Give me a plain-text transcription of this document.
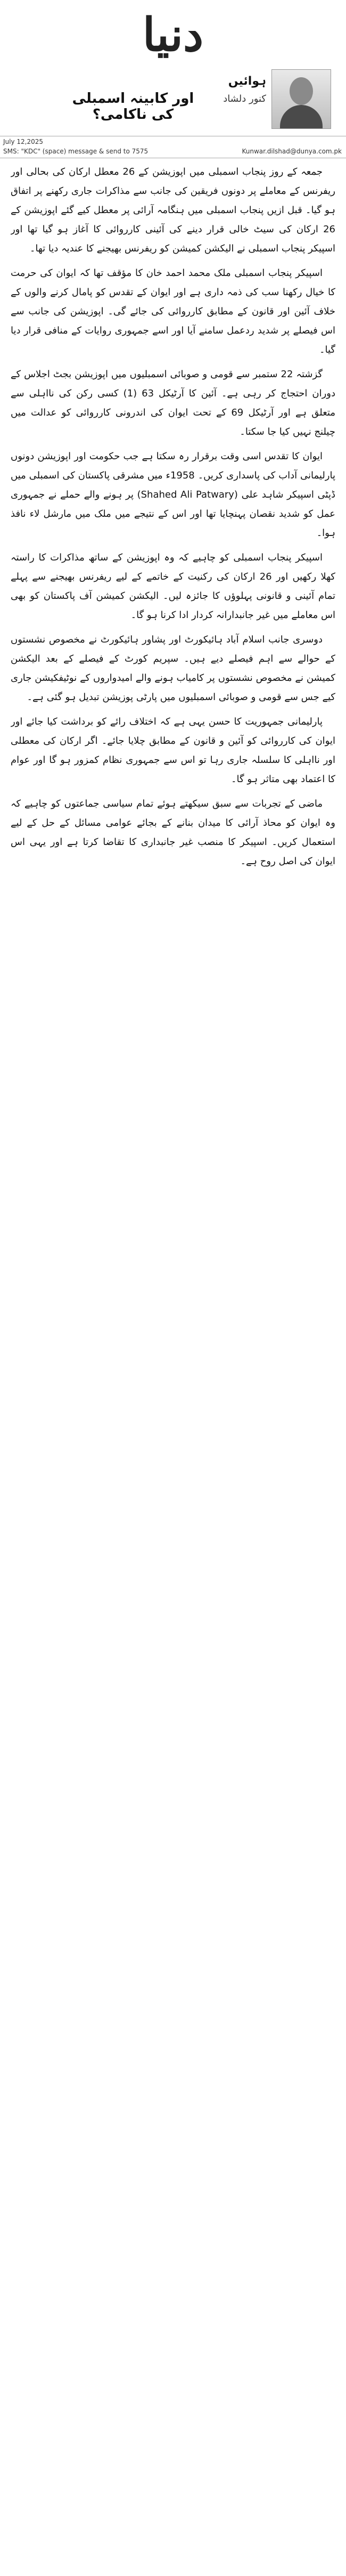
دنیا
ہوائیں
کنور دلشاد
اور کابینہ اسمبلی کی ناکامی؟
July 12,2025
SMS: "KDC" (space) message & send to 7575	Kunwar.dilshad@dunya.com.pk

جمعہ کے روز پنجاب اسمبلی میں اپوزیشن کے 26 معطل ارکان کی بحالی اور ریفرنس کے معاملے پر دونوں فریقین کی جانب سے مذاکرات جاری رکھنے پر اتفاق ہو گیا۔ قبل ازیں پنجاب اسمبلی میں ہنگامہ آرائی پر معطل کیے گئے اپوزیشن کے 26 ارکان کی سیٹ خالی قرار دینے کی آئینی کارروائی کا آغاز ہو گیا تھا اور اسپیکر پنجاب اسمبلی نے الیکشن کمیشن کو ریفرنس بھیجنے کا عندیہ دیا تھا۔

اسپیکر پنجاب اسمبلی ملک محمد احمد خان کا مؤقف تھا کہ ایوان کی حرمت کا خیال رکھنا سب کی ذمہ داری ہے اور ایوان کے تقدس کو پامال کرنے والوں کے خلاف آئین اور قانون کے مطابق کارروائی کی جائے گی۔ اپوزیشن کی جانب سے اس فیصلے پر شدید ردعمل سامنے آیا اور اسے جمہوری روایات کے منافی قرار دیا گیا۔

گزشتہ 22 ستمبر سے قومی و صوبائی اسمبلیوں میں اپوزیشن بجٹ اجلاس کے دوران احتجاج کر رہی ہے۔ آئین کا آرٹیکل 63 (1) کسی رکن کی نااہلی سے متعلق ہے اور آرٹیکل 69 کے تحت ایوان کی اندرونی کارروائی کو عدالت میں چیلنج نہیں کیا جا سکتا۔

ایوان کا تقدس اسی وقت برقرار رہ سکتا ہے جب حکومت اور اپوزیشن دونوں پارلیمانی آداب کی پاسداری کریں۔ 1958ء میں مشرقی پاکستان کی اسمبلی میں ڈپٹی اسپیکر شاہد علی (Shahed Ali Patwary) پر ہونے والے حملے نے جمہوری عمل کو شدید نقصان پہنچایا تھا اور اس کے نتیجے میں ملک میں مارشل لاء نافذ ہوا۔

اسپیکر پنجاب اسمبلی کو چاہیے کہ وہ اپوزیشن کے ساتھ مذاکرات کا راستہ کھلا رکھیں اور 26 ارکان کی رکنیت کے خاتمے کے لیے ریفرنس بھیجنے سے پہلے تمام آئینی و قانونی پہلوؤں کا جائزہ لیں۔ الیکشن کمیشن آف پاکستان کو بھی اس معاملے میں غیر جانبدارانہ کردار ادا کرنا ہو گا۔

دوسری جانب اسلام آباد ہائیکورٹ اور پشاور ہائیکورٹ نے مخصوص نشستوں کے حوالے سے اہم فیصلے دیے ہیں۔ سپریم کورٹ کے فیصلے کے بعد الیکشن کمیشن نے مخصوص نشستوں پر کامیاب ہونے والے امیدواروں کے نوٹیفکیشن جاری کیے جس سے قومی و صوبائی اسمبلیوں میں پارٹی پوزیشن تبدیل ہو گئی ہے۔

پارلیمانی جمہوریت کا حسن یہی ہے کہ اختلاف رائے کو برداشت کیا جائے اور ایوان کی کارروائی کو آئین و قانون کے مطابق چلایا جائے۔ اگر ارکان کی معطلی اور نااہلی کا سلسلہ جاری رہا تو اس سے جمہوری نظام کمزور ہو گا اور عوام کا اعتماد بھی متاثر ہو گا۔

ماضی کے تجربات سے سبق سیکھتے ہوئے تمام سیاسی جماعتوں کو چاہیے کہ وہ ایوان کو محاذ آرائی کا میدان بنانے کے بجائے عوامی مسائل کے حل کے لیے استعمال کریں۔ اسپیکر کا منصب غیر جانبداری کا تقاضا کرتا ہے اور یہی اس ایوان کی اصل روح ہے۔
